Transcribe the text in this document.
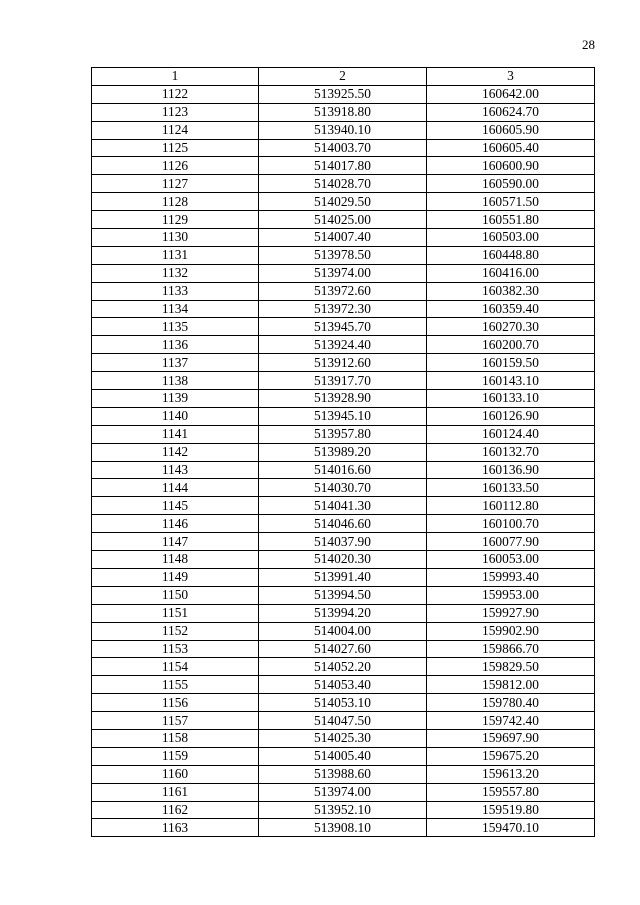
28
1	2	3
1122	513925.50	160642.00
1123	513918.80	160624.70
1124	513940.10	160605.90
1125	514003.70	160605.40
1126	514017.80	160600.90
1127	514028.70	160590.00
1128	514029.50	160571.50
1129	514025.00	160551.80
1130	514007.40	160503.00
1131	513978.50	160448.80
1132	513974.00	160416.00
1133	513972.60	160382.30
1134	513972.30	160359.40
1135	513945.70	160270.30
1136	513924.40	160200.70
1137	513912.60	160159.50
1138	513917.70	160143.10
1139	513928.90	160133.10
1140	513945.10	160126.90
1141	513957.80	160124.40
1142	513989.20	160132.70
1143	514016.60	160136.90
1144	514030.70	160133.50
1145	514041.30	160112.80
1146	514046.60	160100.70
1147	514037.90	160077.90
1148	514020.30	160053.00
1149	513991.40	159993.40
1150	513994.50	159953.00
1151	513994.20	159927.90
1152	514004.00	159902.90
1153	514027.60	159866.70
1154	514052.20	159829.50
1155	514053.40	159812.00
1156	514053.10	159780.40
1157	514047.50	159742.40
1158	514025.30	159697.90
1159	514005.40	159675.20
1160	513988.60	159613.20
1161	513974.00	159557.80
1162	513952.10	159519.80
1163	513908.10	159470.10
